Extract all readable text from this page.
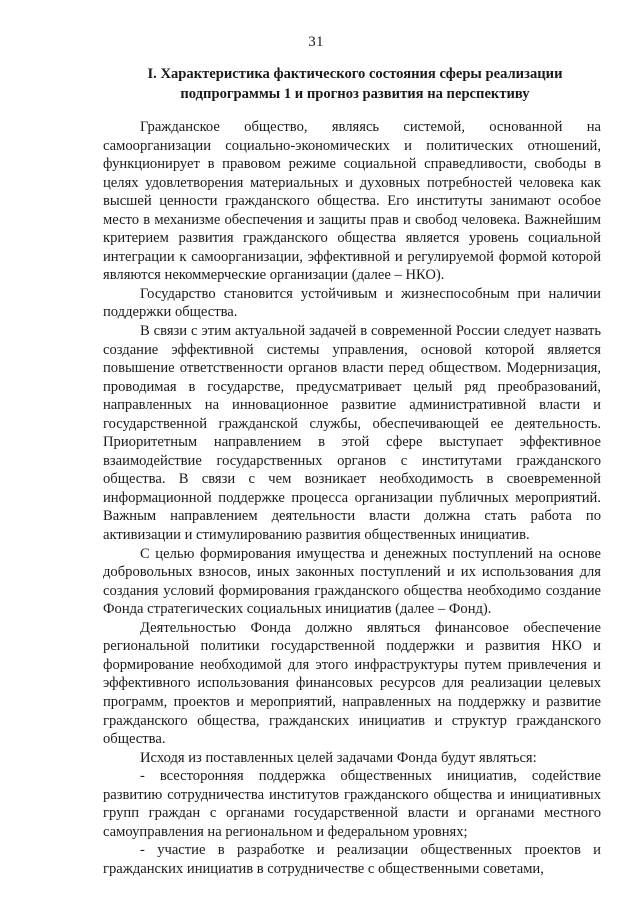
31
I. Характеристика фактического состояния сферы реализации подпрограммы 1 и прогноз развития на перспективу

Гражданское общество, являясь системой, основанной на самоорганизации социально-экономических и политических отношений, функционирует в правовом режиме социальной справедливости, свободы в целях удовлетворения материальных и духовных потребностей человека как высшей ценности гражданского общества. Его институты занимают особое место в механизме обеспечения и защиты прав и свобод человека. Важнейшим критерием развития гражданского общества является уровень социальной интеграции к самоорганизации, эффективной и регулируемой формой которой являются некоммерческие организации (далее – НКО).

Государство становится устойчивым и жизнеспособным при наличии поддержки общества.

В связи с этим актуальной задачей в современной России следует назвать создание эффективной системы управления, основой которой является повышение ответственности органов власти перед обществом. Модернизация, проводимая в государстве, предусматривает целый ряд преобразований, направленных на инновационное развитие административной власти и государственной гражданской службы, обеспечивающей ее деятельность. Приоритетным направлением в этой сфере выступает эффективное взаимодействие государственных органов с институтами гражданского общества. В связи с чем возникает необходимость в своевременной информационной поддержке процесса организации публичных мероприятий. Важным направлением деятельности власти должна стать работа по активизации и стимулированию развития общественных инициатив.

С целью формирования имущества и денежных поступлений на основе добровольных взносов, иных законных поступлений и их использования для создания условий формирования гражданского общества необходимо создание Фонда стратегических социальных инициатив (далее – Фонд).

Деятельностью Фонда должно являться финансовое обеспечение региональной политики государственной поддержки и развития НКО и формирование необходимой для этого инфраструктуры путем привлечения и эффективного использования финансовых ресурсов для реализации целевых программ, проектов и мероприятий, направленных на поддержку и развитие гражданского общества, гражданских инициатив и структур гражданского общества.

Исходя из поставленных целей задачами Фонда будут являться:

- всесторонняя поддержка общественных инициатив, содействие развитию сотрудничества институтов гражданского общества и инициативных групп граждан с органами государственной власти и органами местного самоуправления на региональном и федеральном уровнях;

- участие в разработке и реализации общественных проектов и гражданских инициатив в сотрудничестве с общественными советами,
